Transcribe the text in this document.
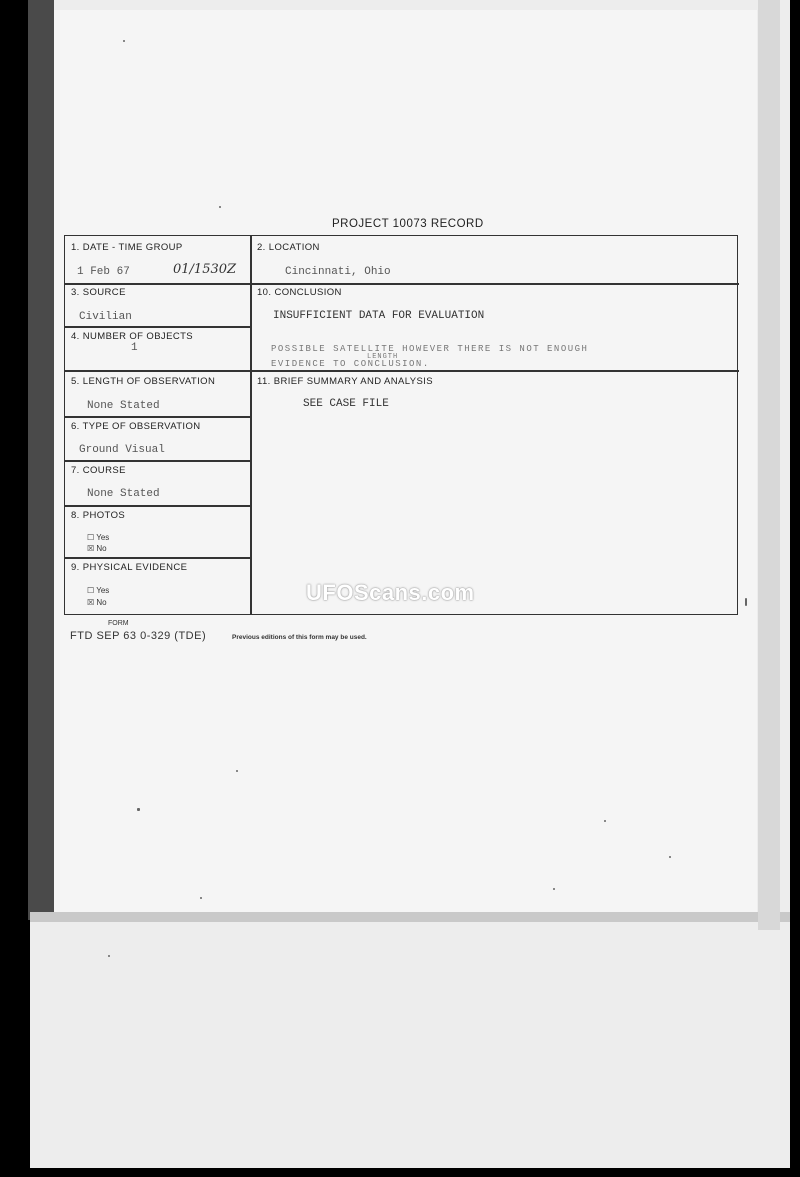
PROJECT 10073 RECORD
1. DATE - TIME GROUP
1 Feb 67	01/1530Z
2. LOCATION
Cincinnati, Ohio
3. SOURCE
Civilian
10. CONCLUSION
INSUFFICIENT DATA FOR EVALUATION
POSSIBLE SATELLITE HOWEVER THERE IS NOT ENOUGH
LENGTH
EVIDENCE TO CONCLUSION.
4. NUMBER OF OBJECTS
1
5. LENGTH OF OBSERVATION
None Stated
11. BRIEF SUMMARY AND ANALYSIS
SEE CASE FILE
6. TYPE OF OBSERVATION
Ground Visual
7. COURSE
None Stated
8. PHOTOS
☐ Yes
☒ No
9. PHYSICAL EVIDENCE
☐ Yes
☒ No	UFOScans.com
FORM
FTD SEP 63 0-329 (TDE)	Previous editions of this form may be used.
